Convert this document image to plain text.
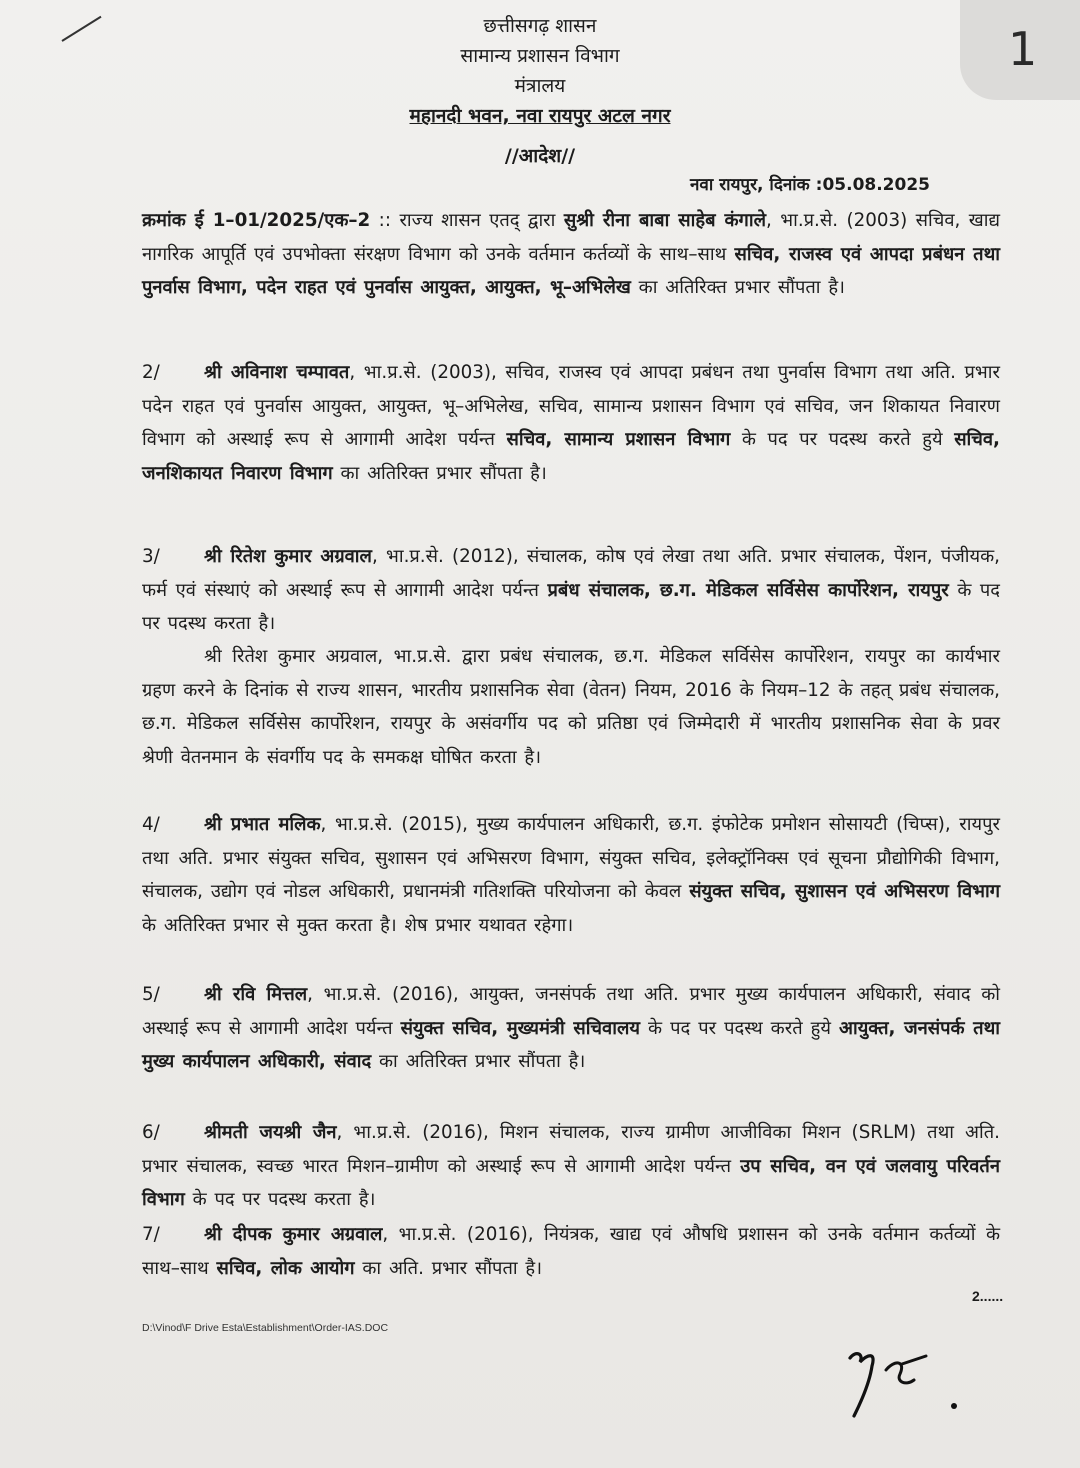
1
छत्तीसगढ़ शासन
सामान्य प्रशासन विभाग
मंत्रालय
महानदी भवन, नवा रायपुर अटल नगर
//आदेश//
नवा रायपुर, दिनांक :05.08.2025
क्रमांक ई 1–01/2025/एक–2 :: राज्य शासन एतद् द्वारा सुश्री रीना बाबा साहेब कंगाले, भा.प्र.से. (2003) सचिव, खाद्य नागरिक आपूर्ति एवं उपभोक्ता संरक्षण विभाग को उनके वर्तमान कर्तव्यों के साथ–साथ सचिव, राजस्व एवं आपदा प्रबंधन तथा पुनर्वास विभाग, पदेन राहत एवं पुनर्वास आयुक्त, आयुक्त, भू–अभिलेख का अतिरिक्त प्रभार सौंपता है।
2/ श्री अविनाश चम्पावत, भा.प्र.से. (2003), सचिव, राजस्व एवं आपदा प्रबंधन तथा पुनर्वास विभाग तथा अति. प्रभार पदेन राहत एवं पुनर्वास आयुक्त, आयुक्त, भू–अभिलेख, सचिव, सामान्य प्रशासन विभाग एवं सचिव, जन शिकायत निवारण विभाग को अस्थाई रूप से आगामी आदेश पर्यन्त सचिव, सामान्य प्रशासन विभाग के पद पर पदस्थ करते हुये सचिव, जनशिकायत निवारण विभाग का अतिरिक्त प्रभार सौंपता है।
3/ श्री रितेश कुमार अग्रवाल, भा.प्र.से. (2012), संचालक, कोष एवं लेखा तथा अति. प्रभार संचालक, पेंशन, पंजीयक, फर्म एवं संस्थाएं को अस्थाई रूप से आगामी आदेश पर्यन्त प्रबंध संचालक, छ.ग. मेडिकल सर्विसेस कार्पोरेशन, रायपुर के पद पर पदस्थ करता है।
श्री रितेश कुमार अग्रवाल, भा.प्र.से. द्वारा प्रबंध संचालक, छ.ग. मेडिकल सर्विसेस कार्पोरेशन, रायपुर का कार्यभार ग्रहण करने के दिनांक से राज्य शासन, भारतीय प्रशासनिक सेवा (वेतन) नियम, 2016 के नियम–12 के तहत् प्रबंध संचालक, छ.ग. मेडिकल सर्विसेस कार्पोरेशन, रायपुर के असंवर्गीय पद को प्रतिष्ठा एवं जिम्मेदारी में भारतीय प्रशासनिक सेवा के प्रवर श्रेणी वेतनमान के संवर्गीय पद के समकक्ष घोषित करता है।
4/ श्री प्रभात मलिक, भा.प्र.से. (2015), मुख्य कार्यपालन अधिकारी, छ.ग. इंफोटेक प्रमोशन सोसायटी (चिप्स), रायपुर तथा अति. प्रभार संयुक्त सचिव, सुशासन एवं अभिसरण विभाग, संयुक्त सचिव, इलेक्ट्रॉनिक्स एवं सूचना प्रौद्योगिकी विभाग, संचालक, उद्योग एवं नोडल अधिकारी, प्रधानमंत्री गतिशक्ति परियोजना को केवल संयुक्त सचिव, सुशासन एवं अभिसरण विभाग के अतिरिक्त प्रभार से मुक्त करता है। शेष प्रभार यथावत रहेगा।
5/ श्री रवि मित्तल, भा.प्र.से. (2016), आयुक्त, जनसंपर्क तथा अति. प्रभार मुख्य कार्यपालन अधिकारी, संवाद को अस्थाई रूप से आगामी आदेश पर्यन्त संयुक्त सचिव, मुख्यमंत्री सचिवालय के पद पर पदस्थ करते हुये आयुक्त, जनसंपर्क तथा मुख्य कार्यपालन अधिकारी, संवाद का अतिरिक्त प्रभार सौंपता है।
6/ श्रीमती जयश्री जैन, भा.प्र.से. (2016), मिशन संचालक, राज्य ग्रामीण आजीविका मिशन (SRLM) तथा अति. प्रभार संचालक, स्वच्छ भारत मिशन–ग्रामीण को अस्थाई रूप से आगामी आदेश पर्यन्त उप सचिव, वन एवं जलवायु परिवर्तन विभाग के पद पर पदस्थ करता है।
7/ श्री दीपक कुमार अग्रवाल, भा.प्र.से. (2016), नियंत्रक, खाद्य एवं औषधि प्रशासन को उनके वर्तमान कर्तव्यों के साथ–साथ सचिव, लोक आयोग का अति. प्रभार सौंपता है।
2......
D:\Vinod\F Drive Esta\Establishment\Order-IAS.DOC
